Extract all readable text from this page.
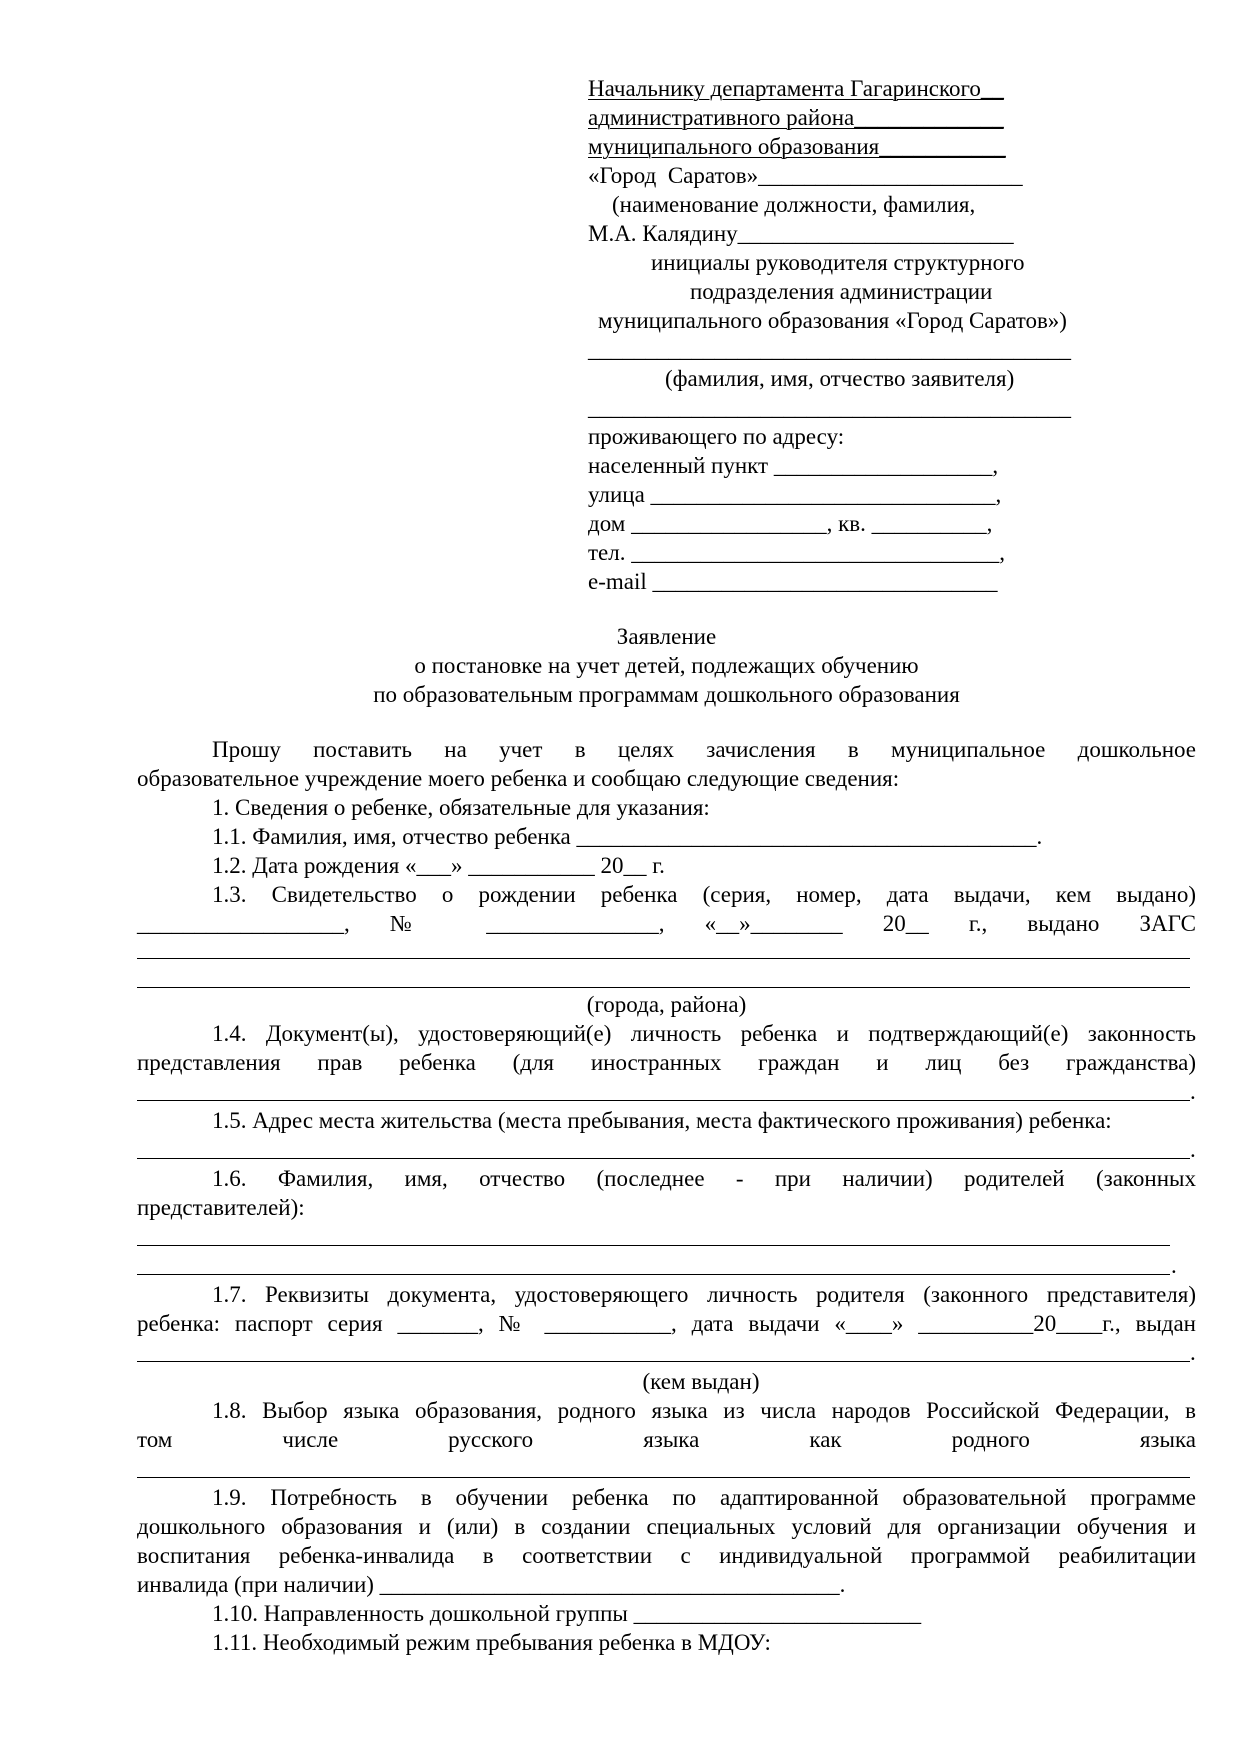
Начальнику департамента Гагаринского__
административного района_____________
муниципального образования___________
«Город  Саратов»_______________________
(наименование должности, фамилия,
М.А. Калядину________________________
инициалы руководителя структурного
подразделения администрации
муниципального образования «Город Саратов»)
__________________________________________
(фамилия, имя, отчество заявителя)
__________________________________________
проживающего по адресу:
населенный пункт ___________________,
улица ______________________________,
дом _________________, кв. __________,
тел. ________________________________,
e-mail ______________________________
Заявление
о постановке на учет детей, подлежащих обучению
по образовательным программам дошкольного образования
Прошу поставить на учет в целях зачисления в муниципальное дошкольное
образовательное учреждение моего ребенка и сообщаю следующие сведения:
1. Сведения о ребенке, обязательные для указания:
1.1. Фамилия, имя, отчество ребенка ________________________________________.
1.2. Дата рождения «___» ___________ 20__ г.
1.3. Свидетельство о рождении ребенка (серия, номер, дата выдачи, кем выдано)
__________________, № _______________, «__»________ 20__ г., выдано ЗАГС
(города, района)
1.4. Документ(ы), удостоверяющий(е) личность ребенка и подтверждающий(е) законность
представления прав ребенка (для иностранных граждан и лиц без гражданства)
.
1.5. Адрес места жительства (места пребывания, места фактического проживания) ребенка:
.
1.6. Фамилия, имя, отчество (последнее - при наличии) родителей (законных
представителей):
.
1.7. Реквизиты документа, удостоверяющего личность родителя (законного представителя)
ребенка: паспорт серия _______, № ___________, дата выдачи «____» __________20____г., выдан
.
(кем выдан)
1.8. Выбор языка образования, родного языка из числа народов Российской Федерации, в
том числе русского языка как родного языка
1.9. Потребность в обучении ребенка по адаптированной образовательной программе
дошкольного образования и (или) в создании специальных условий для организации обучения и
воспитания ребенка-инвалида в соответствии с индивидуальной программой реабилитации
инвалида (при наличии) ________________________________________.
1.10. Направленность дошкольной группы _________________________
1.11. Необходимый режим пребывания ребенка в МДОУ:
